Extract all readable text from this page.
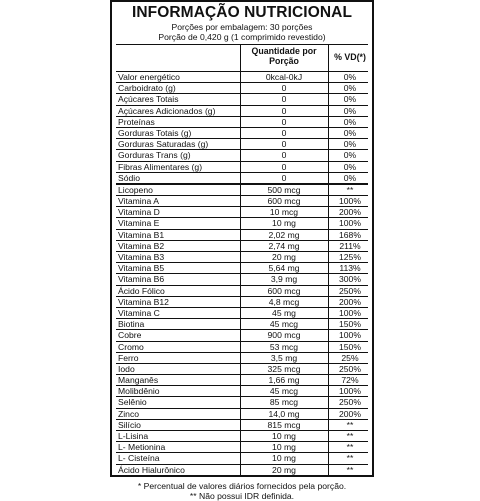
INFORMAÇÃO NUTRICIONAL
Porções por embalagem: 30 porções
Porção de 0,420 g (1 comprimido revestido)
Quantidade por
Porção	% VD(*)
Valor energético	0kcal-0kJ	0%
Carboidrato (g)	0	0%
Açúcares Totais	0	0%
Açúcares Adicionados (g)	0	0%
Proteínas	0	0%
Gorduras Totais (g)	0	0%
Gorduras Saturadas (g)	0	0%
Gorduras Trans (g)	0	0%
Fibras Alimentares (g)	0	0%
Sódio	0	0%
Licopeno	500 mcg	**
Vitamina A	600 mcg	100%
Vitamina D	10 mcg	200%
Vitamina E	10 mg	100%
Vitamina B1	2,02 mg	168%
Vitamina B2	2,74 mg	211%
Vitamina B3	20 mg	125%
Vitamina B5	5,64 mg	113%
Vitamina B6	3,9 mg	300%
Ácido Fólico	600 mcg	250%
Vitamina B12	4,8 mcg	200%
Vitamina C	45 mg	100%
Biotina	45 mcg	150%
Cobre	900 mcg	100%
Cromo	53 mcg	150%
Ferro	3,5 mg	25%
Iodo	325 mcg	250%
Manganês	1,66 mg	72%
Molibdênio	45 mcg	100%
Selênio	85 mcg	250%
Zinco	14,0 mg	200%
Silício	815 mcg	**
L-Lisina	10 mg	**
L- Metionina	10 mg	**
L- Cisteína	10 mg	**
Ácido Hialurônico	20 mg	**
* Percentual de valores diários fornecidos pela porção.
** Não possui IDR definida.
